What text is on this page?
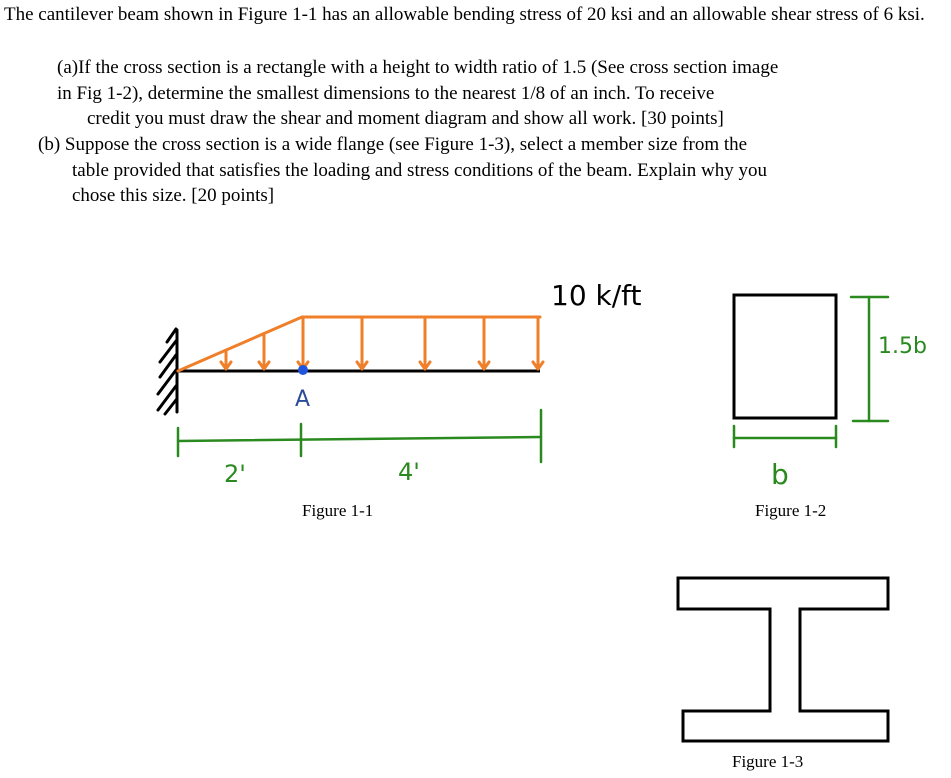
The cantilever beam shown in Figure 1-1 has an allowable bending stress of 20 ksi and an allowable shear stress of 6 ksi.
(a)If the cross section is a rectangle with a height to width ratio of 1.5 (See cross section image
in Fig 1-2), determine the smallest dimensions to the nearest 1/8 of an inch. To receive
credit you must draw the shear and moment diagram and show all work. [30 points]
(b) Suppose the cross section is a wide flange (see Figure 1-3), select a member size from the
table provided that satisfies the loading and stress conditions of the beam. Explain why you
chose this size. [20 points]
A
10 k/ft
2'	4'
1.5b
b
Figure 1-1	Figure 1-2
Figure 1-3
